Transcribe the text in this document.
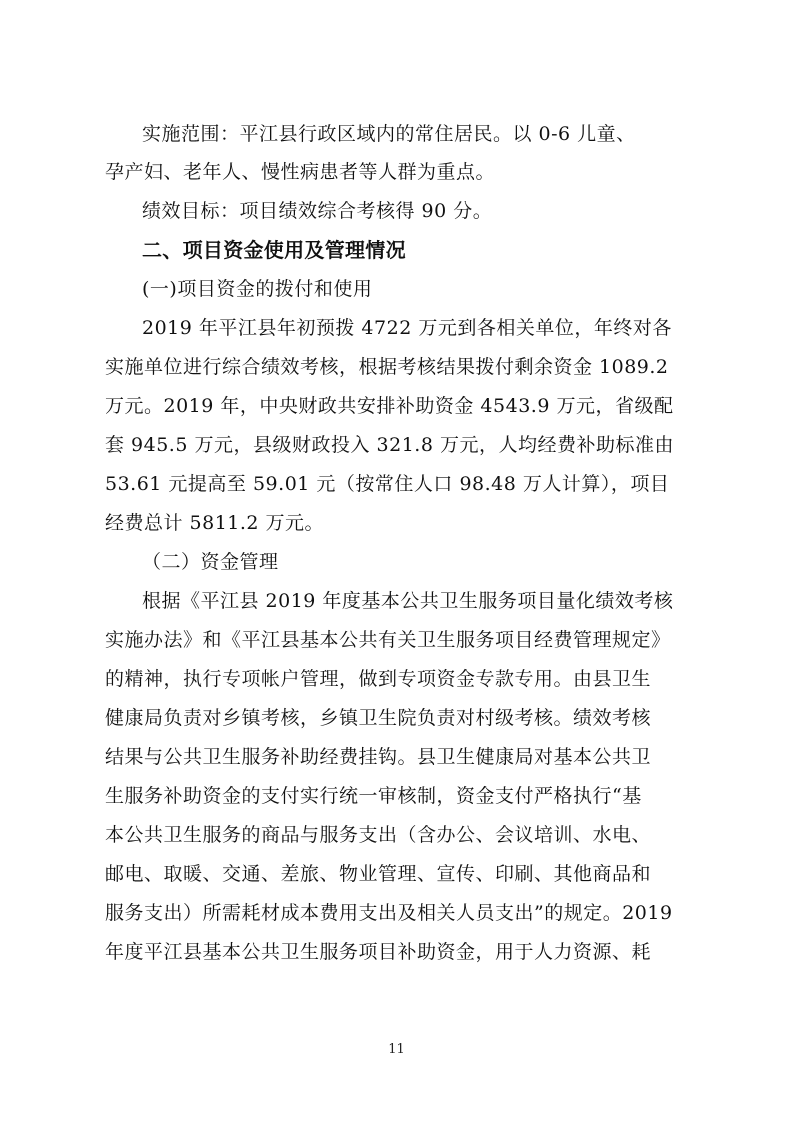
实施范围：平江县行政区域内的常住居民。以 0-6 儿童、
孕产妇、老年人、慢性病患者等人群为重点。
绩效目标：项目绩效综合考核得 90 分。
二、项目资金使用及管理情况
(一)项目资金的拨付和使用
2019 年平江县年初预拨 4722 万元到各相关单位，年终对各
实施单位进行综合绩效考核，根据考核结果拨付剩余资金 1089.2
万元。2019 年，中央财政共安排补助资金 4543.9 万元，省级配
套 945.5 万元，县级财政投入 321.8 万元，人均经费补助标准由
53.61 元提高至 59.01 元（按常住人口 98.48 万人计算），项目
经费总计 5811.2 万元。
（二）资金管理
根据《平江县 2019 年度基本公共卫生服务项目量化绩效考核
实施办法》和《平江县基本公共有关卫生服务项目经费管理规定》
的精神，执行专项帐户管理，做到专项资金专款专用。由县卫生
健康局负责对乡镇考核，乡镇卫生院负责对村级考核。绩效考核
结果与公共卫生服务补助经费挂钩。县卫生健康局对基本公共卫
生服务补助资金的支付实行统一审核制，资金支付严格执行“基
本公共卫生服务的商品与服务支出（含办公、会议培训、水电、
邮电、取暖、交通、差旅、物业管理、宣传、印刷、其他商品和
服务支出）所需耗材成本费用支出及相关人员支出”的规定。2019
年度平江县基本公共卫生服务项目补助资金，用于人力资源、耗
11
